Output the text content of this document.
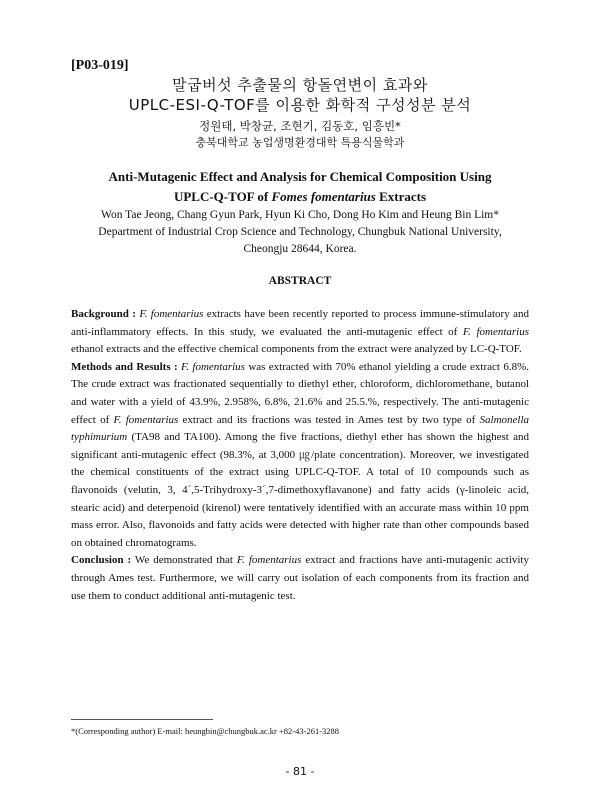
[P03-019]
말굽버섯 추출물의 항돌연변이 효과와
UPLC-ESI-Q-TOF를 이용한 화학적 구성성분 분석
정원태, 박창균, 조현기, 김동호, 임흥빈*
충북대학교 농업생명환경대학 특용식물학과
Anti-Mutagenic Effect and Analysis for Chemical Composition Using
UPLC-Q-TOF of Fomes fomentarius Extracts
Won Tae Jeong, Chang Gyun Park, Hyun Ki Cho, Dong Ho Kim and Heung Bin Lim*
Department of Industrial Crop Science and Technology, Chungbuk National University,
Cheongju 28644, Korea.
ABSTRACT

Background : F. fomentarius extracts have been recently reported to process immune-stimulatory and anti-inflammatory effects. In this study, we evaluated the anti-mutagenic effect of F. fomentarius ethanol extracts and the effective chemical components from the extract were analyzed by LC-Q-TOF.

Methods and Results : F. fomentarius was extracted with 70% ethanol yielding a crude extract 6.8%. The crude extract was fractionated sequentially to diethyl ether, chloroform, dichloromethane, butanol and water with a yield of 43.9%, 2.958%, 6.8%, 21.6% and 25.5.%, respectively. The anti-mutagenic effect of F. fomentarius extract and its fractions was tested in Ames test by two type of Salmonella typhimurium (TA98 and TA100). Among the five fractions, diethyl ether has shown the highest and significant anti-mutagenic effect (98.3%, at 3,000 ㎍/plate concentration). Moreover, we investigated the chemical constituents of the extract using UPLC-Q-TOF. A total of 10 compounds such as flavonoids (velutin, 3, 4´,5-Trihydroxy-3´,7-dimethoxyflavanone) and fatty acids (γ-linoleic acid, stearic acid) and deterpenoid (kirenol) were tentatively identified with an accurate mass within 10 ppm mass error. Also, flavonoids and fatty acids were detected with higher rate than other compounds based on obtained chromatograms.

Conclusion : We demonstrated that F. fomentarius extract and fractions have anti-mutagenic activity through Ames test. Furthermore, we will carry out isolation of each components from its fraction and use them to conduct additional anti-mutagenic test.

*(Corresponding author) E-mail: heungbin@chungbuk.ac.kr +82-43-261-3288
- 81 -
